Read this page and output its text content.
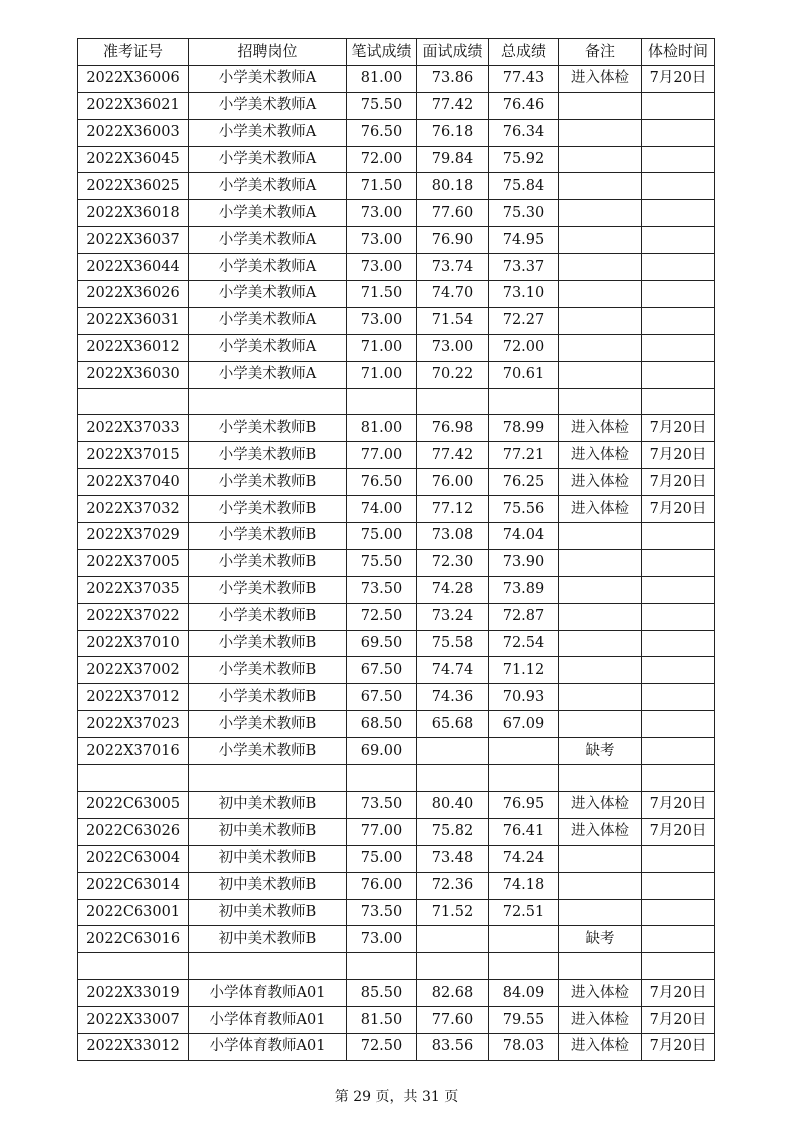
准考证号	招聘岗位	笔试成绩	面试成绩	总成绩	备注	体检时间
2022X36006	小学美术教师A	81.00	73.86	77.43	进入体检	7月20日
2022X36021	小学美术教师A	75.50	77.42	76.46		
2022X36003	小学美术教师A	76.50	76.18	76.34		
2022X36045	小学美术教师A	72.00	79.84	75.92		
2022X36025	小学美术教师A	71.50	80.18	75.84		
2022X36018	小学美术教师A	73.00	77.60	75.30		
2022X36037	小学美术教师A	73.00	76.90	74.95		
2022X36044	小学美术教师A	73.00	73.74	73.37		
2022X36026	小学美术教师A	71.50	74.70	73.10		
2022X36031	小学美术教师A	73.00	71.54	72.27		
2022X36012	小学美术教师A	71.00	73.00	72.00		
2022X36030	小学美术教师A	71.00	70.22	70.61		

2022X37033	小学美术教师B	81.00	76.98	78.99	进入体检	7月20日
2022X37015	小学美术教师B	77.00	77.42	77.21	进入体检	7月20日
2022X37040	小学美术教师B	76.50	76.00	76.25	进入体检	7月20日
2022X37032	小学美术教师B	74.00	77.12	75.56	进入体检	7月20日
2022X37029	小学美术教师B	75.00	73.08	74.04		
2022X37005	小学美术教师B	75.50	72.30	73.90		
2022X37035	小学美术教师B	73.50	74.28	73.89		
2022X37022	小学美术教师B	72.50	73.24	72.87		
2022X37010	小学美术教师B	69.50	75.58	72.54		
2022X37002	小学美术教师B	67.50	74.74	71.12		
2022X37012	小学美术教师B	67.50	74.36	70.93		
2022X37023	小学美术教师B	68.50	65.68	67.09		
2022X37016	小学美术教师B	69.00			缺考	

2022C63005	初中美术教师B	73.50	80.40	76.95	进入体检	7月20日
2022C63026	初中美术教师B	77.00	75.82	76.41	进入体检	7月20日
2022C63004	初中美术教师B	75.00	73.48	74.24		
2022C63014	初中美术教师B	76.00	72.36	74.18		
2022C63001	初中美术教师B	73.50	71.52	72.51		
2022C63016	初中美术教师B	73.00			缺考	

2022X33019	小学体育教师A01	85.50	82.68	84.09	进入体检	7月20日
2022X33007	小学体育教师A01	81.50	77.60	79.55	进入体检	7月20日
2022X33012	小学体育教师A01	72.50	83.56	78.03	进入体检	7月20日
第 29 页，共 31 页
